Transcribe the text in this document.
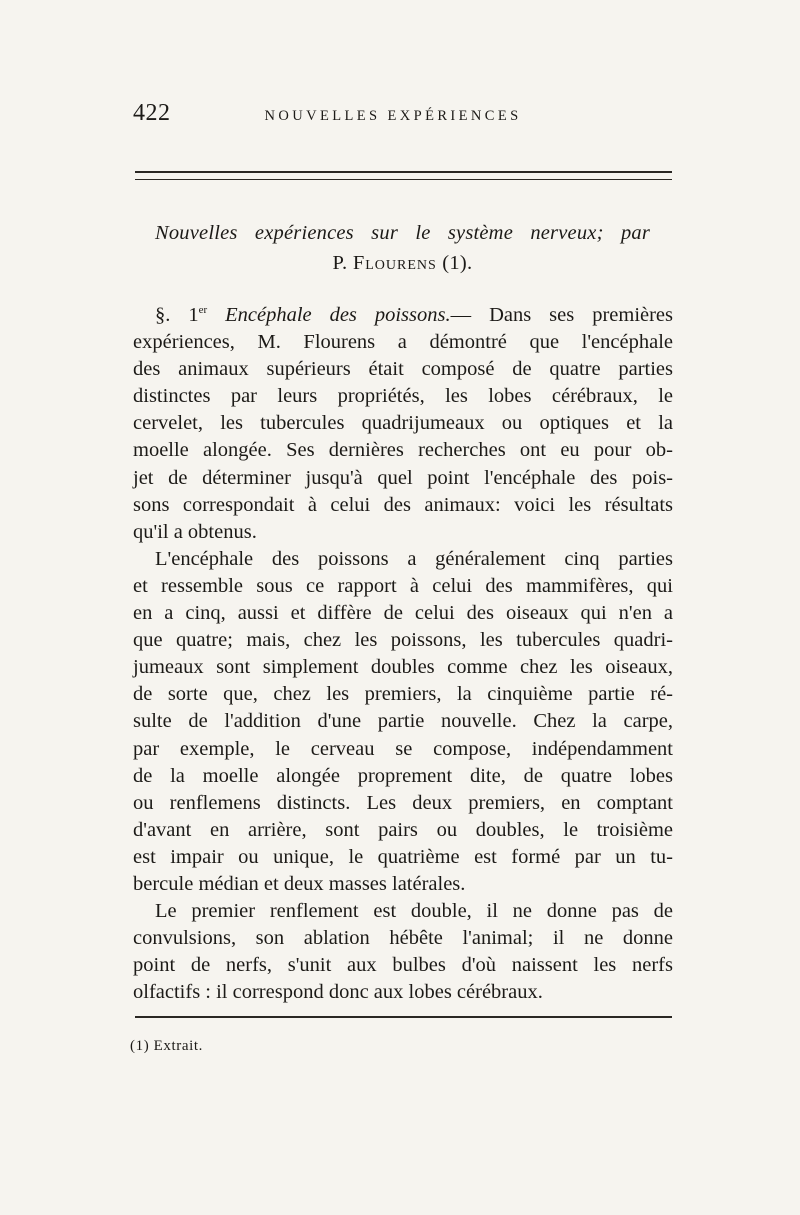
422	NOUVELLES EXPÉRIENCES
Nouvelles expériences sur le système nerveux; par
P. Flourens (1).

§. 1er Encéphale des poissons.— Dans ses premières
expériences, M. Flourens a démontré que l'encéphale
des animaux supérieurs était composé de quatre parties
distinctes par leurs propriétés, les lobes cérébraux, le
cervelet, les tubercules quadrijumeaux ou optiques et la
moelle alongée. Ses dernières recherches ont eu pour ob-
jet de déterminer jusqu'à quel point l'encéphale des pois-
sons correspondait à celui des animaux: voici les résultats
qu'il a obtenus.

L'encéphale des poissons a généralement cinq parties
et ressemble sous ce rapport à celui des mammifères, qui
en a cinq, aussi et diffère de celui des oiseaux qui n'en a
que quatre; mais, chez les poissons, les tubercules quadri-
jumeaux sont simplement doubles comme chez les oiseaux,
de sorte que, chez les premiers, la cinquième partie ré-
sulte de l'addition d'une partie nouvelle. Chez la carpe,
par exemple, le cerveau se compose, indépendamment
de la moelle alongée proprement dite, de quatre lobes
ou renflemens distincts. Les deux premiers, en comptant
d'avant en arrière, sont pairs ou doubles, le troisième
est impair ou unique, le quatrième est formé par un tu-
bercule médian et deux masses latérales.

Le premier renflement est double, il ne donne pas de
convulsions, son ablation hébête l'animal; il ne donne
point de nerfs, s'unit aux bulbes d'où naissent les nerfs
olfactifs : il correspond donc aux lobes cérébraux.

(1) Extrait.
